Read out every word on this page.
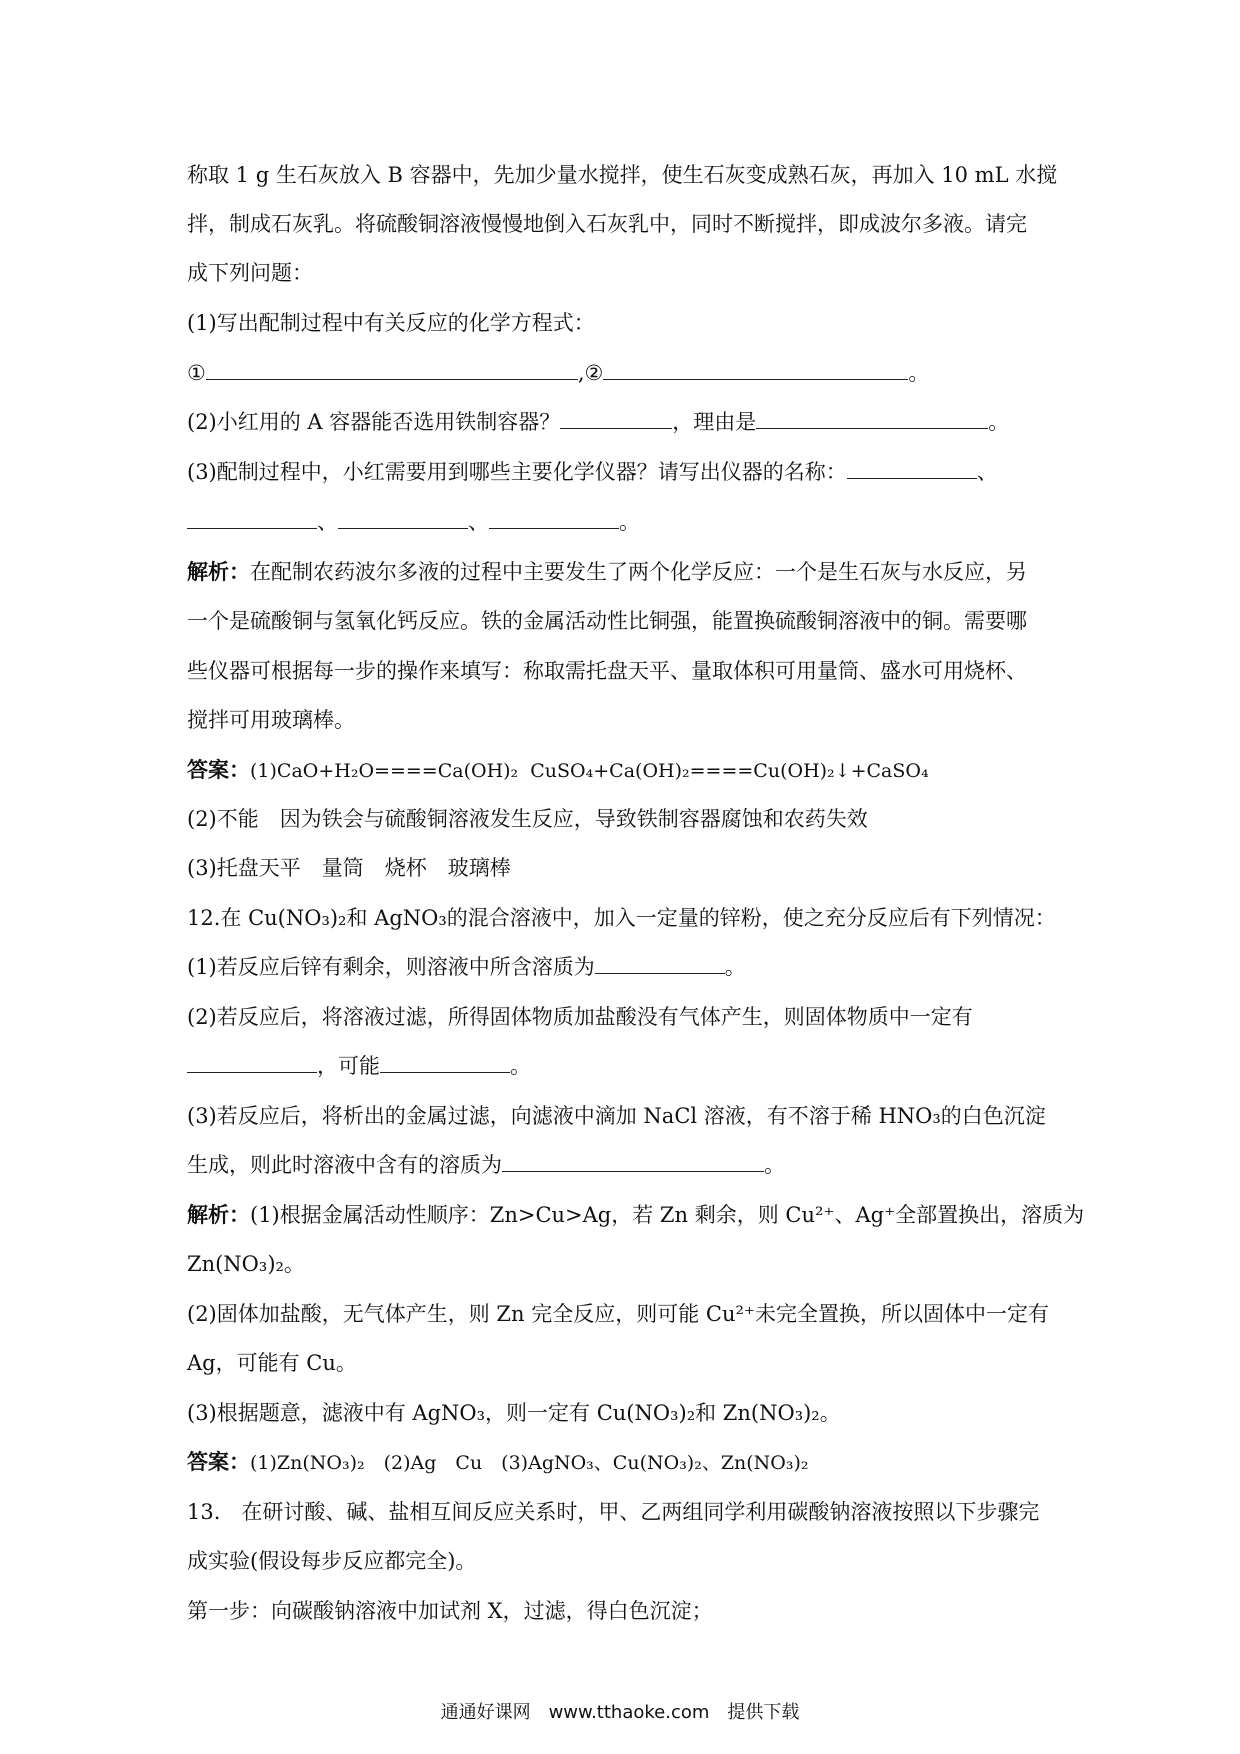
称取 1 g 生石灰放入 B 容器中，先加少量水搅拌，使生石灰变成熟石灰，再加入 10 mL 水搅
拌，制成石灰乳。将硫酸铜溶液慢慢地倒入石灰乳中，同时不断搅拌，即成波尔多液。请完
成下列问题：
(1)写出配制过程中有关反应的化学方程式：
①	,②	。
(2)小红用的 A 容器能否选用铁制容器？	，理由是	。
(3)配制过程中，小红需要用到哪些主要化学仪器？请写出仪器的名称：	、
、	、	。
解析：在配制农药波尔多液的过程中主要发生了两个化学反应：一个是生石灰与水反应，另
一个是硫酸铜与氢氧化钙反应。铁的金属活动性比铜强，能置换硫酸铜溶液中的铜。需要哪
些仪器可根据每一步的操作来填写：称取需托盘天平、量取体积可用量筒、盛水可用烧杯、
搅拌可用玻璃棒。
答案：(1)CaO+H₂O====Ca(OH)₂ CuSO₄+Ca(OH)₂====Cu(OH)₂↓+CaSO₄
(2)不能　因为铁会与硫酸铜溶液发生反应，导致铁制容器腐蚀和农药失效
(3)托盘天平　量筒　烧杯　玻璃棒
12.在 Cu(NO₃)₂和 AgNO₃的混合溶液中，加入一定量的锌粉，使之充分反应后有下列情况：
(1)若反应后锌有剩余，则溶液中所含溶质为	。
(2)若反应后，将溶液过滤，所得固体物质加盐酸没有气体产生，则固体物质中一定有
，可能	。
(3)若反应后，将析出的金属过滤，向滤液中滴加 NaCl 溶液，有不溶于稀 HNO₃的白色沉淀
生成，则此时溶液中含有的溶质为	。
解析：(1)根据金属活动性顺序：Zn>Cu>Ag，若 Zn 剩余，则 Cu²⁺、Ag⁺全部置换出，溶质为
Zn(NO₃)₂。
(2)固体加盐酸，无气体产生，则 Zn 完全反应，则可能 Cu²⁺未完全置换，所以固体中一定有
Ag，可能有 Cu。
(3)根据题意，滤液中有 AgNO₃，则一定有 Cu(NO₃)₂和 Zn(NO₃)₂。
答案：(1)Zn(NO₃)₂　(2)Ag　Cu　(3)AgNO₃、Cu(NO₃)₂、Zn(NO₃)₂
13.　在研讨酸、碱、盐相互间反应关系时，甲、乙两组同学利用碳酸钠溶液按照以下步骤完
成实验(假设每步反应都完全)。
第一步：向碳酸钠溶液中加试剂 X，过滤，得白色沉淀；
通通好课网　www.tthaoke.com　提供下载
